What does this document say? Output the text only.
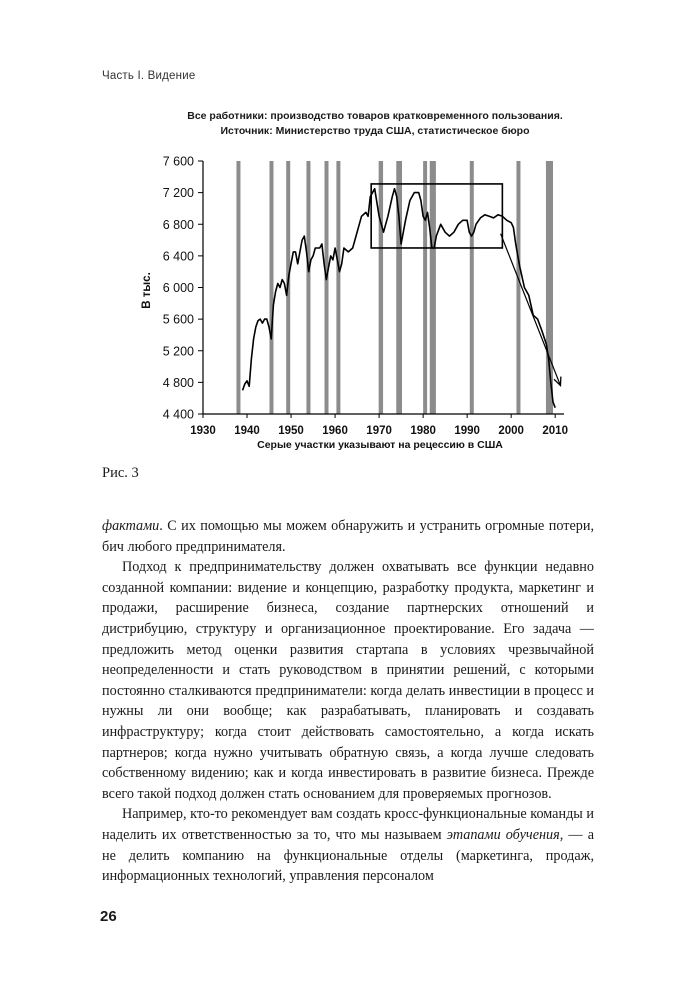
Часть I. Видение
Все работники: производство товаров кратковременного пользования.
Источник: Министерство труда США, статистическое бюро
4 400
4 800
5 200
5 600
6 000
6 400
6 800
7 200
7 600
1930 1940 1950 1960 1970 1980 1990 2000 2010
В тыс.
Серые участки указывают на рецессию в США
Рис. 3

фактами. С их помощью мы можем обнаружить и устранить огромные потери, бич любого предпринимателя.

Подход к предпринимательству должен охватывать все функции недавно созданной компании: видение и концепцию, разработку продукта, маркетинг и продажи, расширение бизнеса, создание партнерских отношений и дистрибуцию, структуру и организационное проектирование. Его задача — предложить метод оценки развития стартапа в условиях чрезвычайной неопределенности и стать руководством в принятии решений, с которыми постоянно сталкиваются предприниматели: когда делать инвестиции в процесс и нужны ли они вообще; как разрабатывать, планировать и создавать инфраструктуру; когда стоит действовать самостоятельно, а когда искать партнеров; когда нужно учитывать обратную связь, а когда лучше следовать собственному видению; как и когда инвестировать в развитие бизнеса. Прежде всего такой подход должен стать основанием для проверяемых прогнозов.

Например, кто-то рекомендует вам создать кросс-функциональные команды и наделить их ответственностью за то, что мы называем этапами обучения, — а не делить компанию на функциональные отделы (маркетинга, продаж, информационных технологий, управления персоналом

26
